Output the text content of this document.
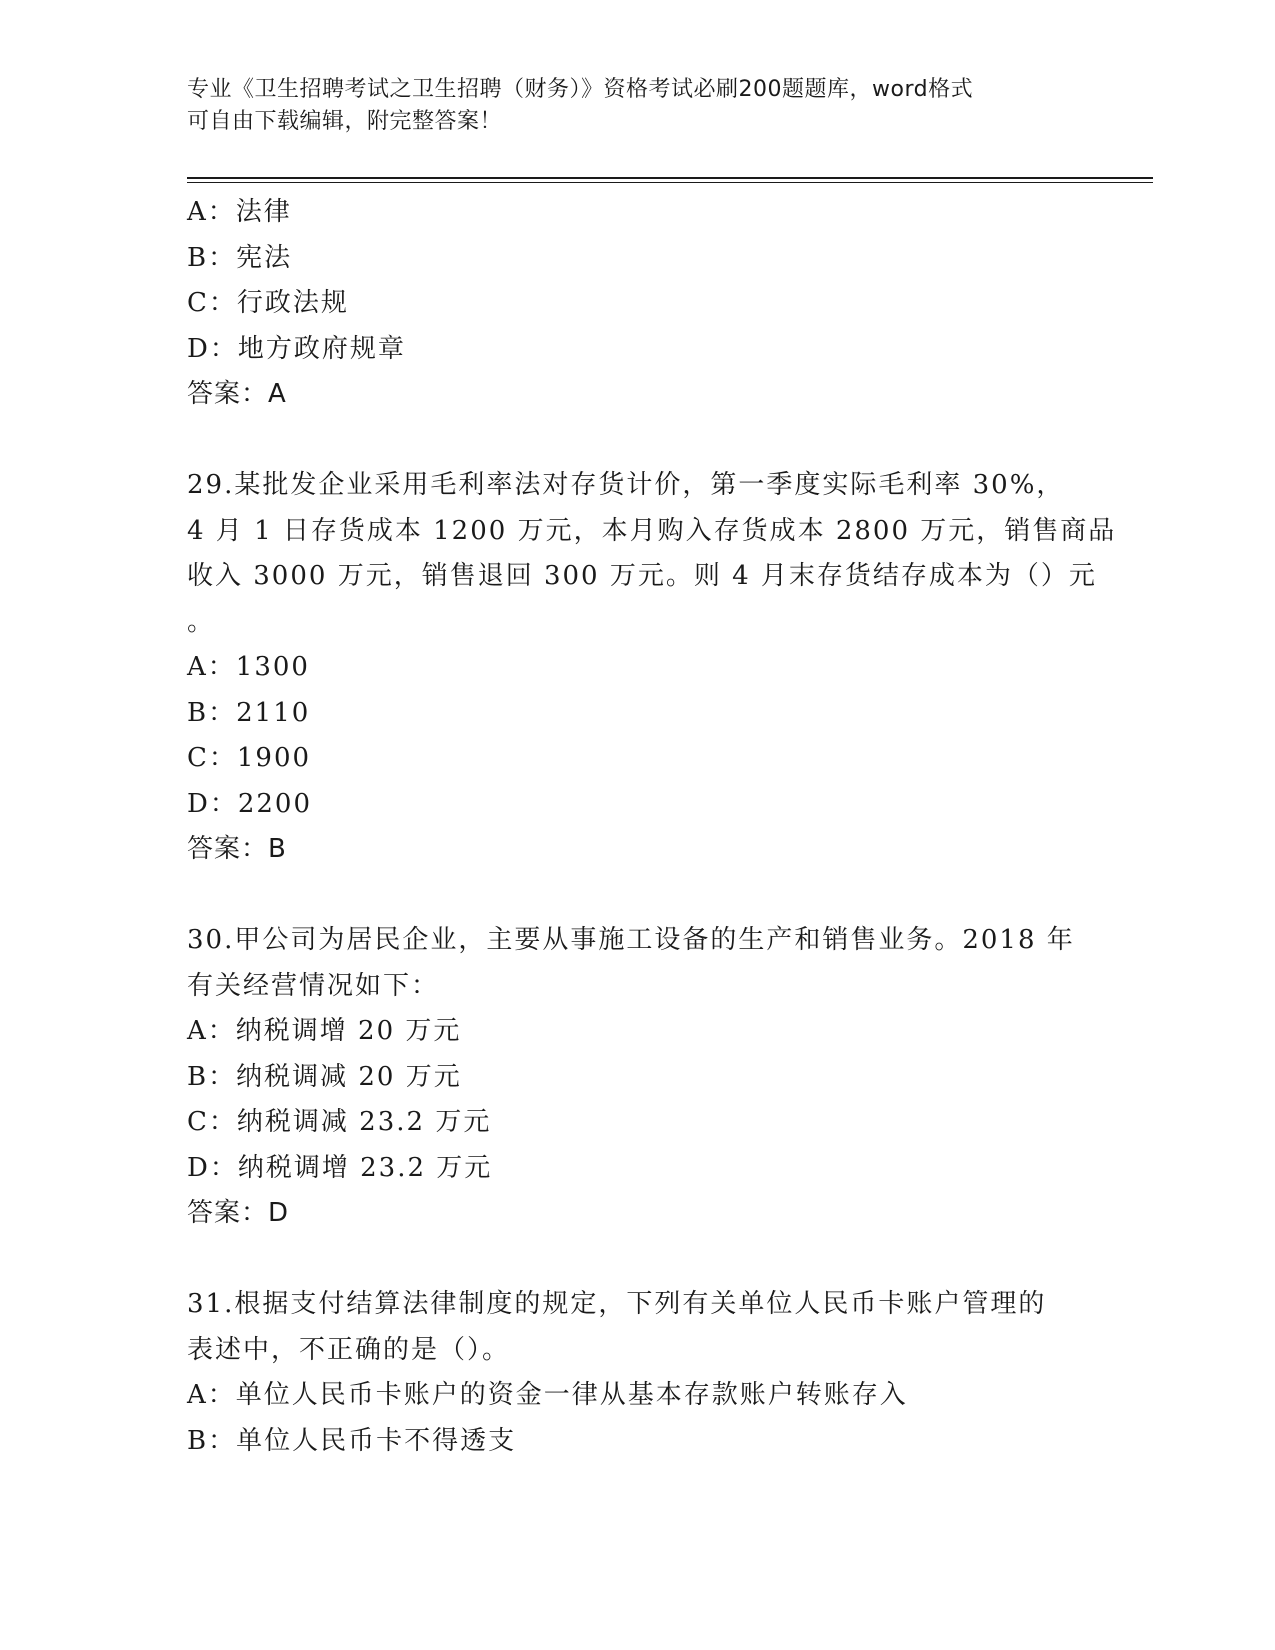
专业《卫生招聘考试之卫生招聘（财务）》资格考试必刷200题题库，word格式
可自由下载编辑，附完整答案！
A：法律
B：宪法
C：行政法规
D：地方政府规章
答案：A
29.某批发企业采用毛利率法对存货计价，第一季度实际毛利率 30%，
4 月 1 日存货成本 1200 万元，本月购入存货成本 2800 万元，销售商品
收入 3000 万元，销售退回 300 万元。则 4 月末存货结存成本为（）元
。
A：1300
B：2110
C：1900
D：2200
答案：B
30.甲公司为居民企业，主要从事施工设备的生产和销售业务。2018 年
有关经营情况如下：
A：纳税调增 20 万元
B：纳税调减 20 万元
C：纳税调减 23.2 万元
D：纳税调增 23.2 万元
答案：D
31.根据支付结算法律制度的规定，下列有关单位人民币卡账户管理的
表述中，不正确的是（）。
A：单位人民币卡账户的资金一律从基本存款账户转账存入
B：单位人民币卡不得透支
